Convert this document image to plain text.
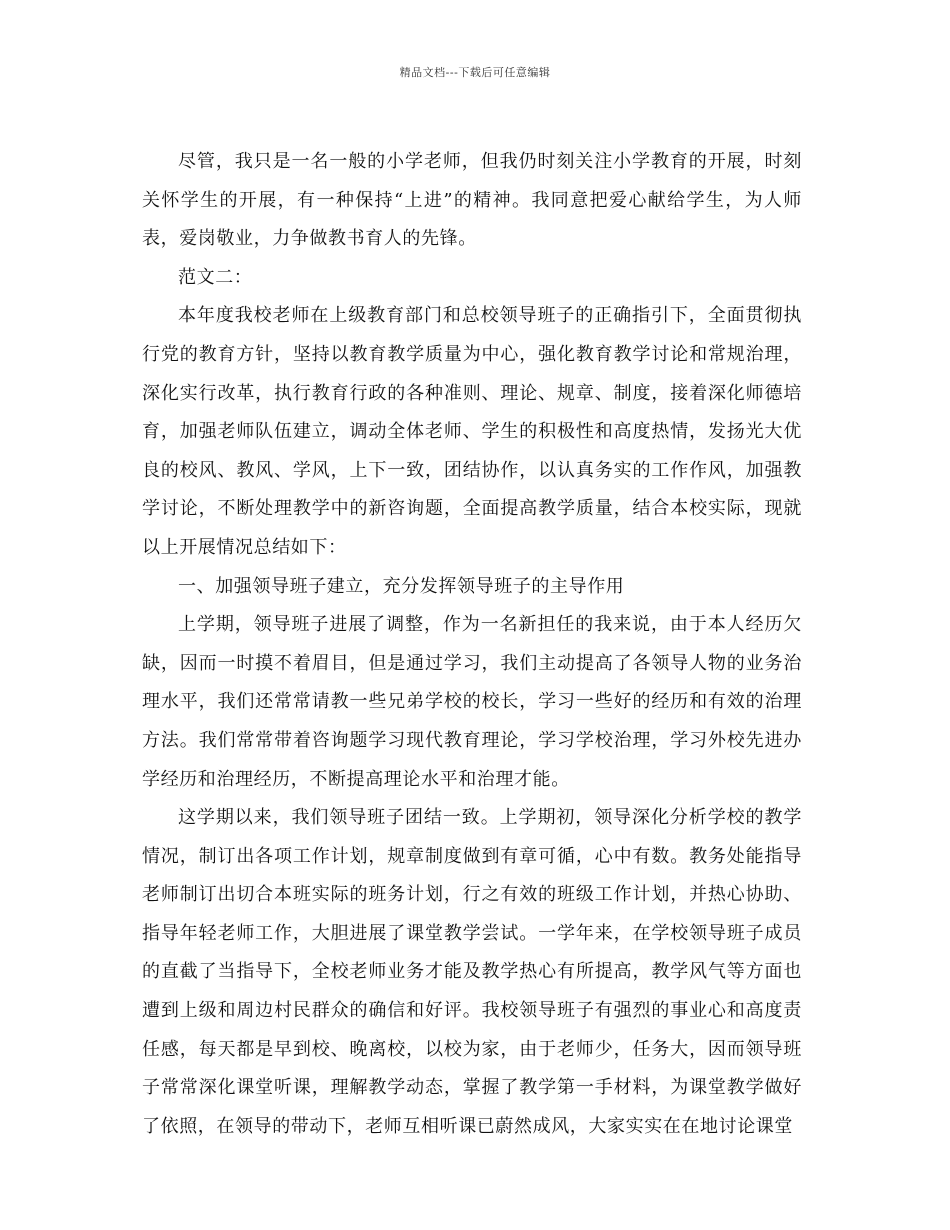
精品文档---下载后可任意编辑

尽管，我只是一名一般的小学老师，但我仍时刻关注小学教育的开展，时刻关怀学生的开展，有一种保持“上进”的精神。我同意把爱心献给学生，为人师表，爱岗敬业，力争做教书育人的先锋。

范文二：

本年度我校老师在上级教育部门和总校领导班子的正确指引下，全面贯彻执行党的教育方针，坚持以教育教学质量为中心，强化教育教学讨论和常规治理，深化实行改革，执行教育行政的各种准则、理论、规章、制度，接着深化师德培育，加强老师队伍建立，调动全体老师、学生的积极性和高度热情，发扬光大优良的校风、教风、学风，上下一致，团结协作，以认真务实的工作作风，加强教学讨论，不断处理教学中的新咨询题，全面提高教学质量，结合本校实际，现就以上开展情况总结如下：

一、加强领导班子建立，充分发挥领导班子的主导作用

上学期，领导班子进展了调整，作为一名新担任的我来说，由于本人经历欠缺，因而一时摸不着眉目，但是通过学习，我们主动提高了各领导人物的业务治理水平，我们还常常请教一些兄弟学校的校长，学习一些好的经历和有效的治理方法。我们常常带着咨询题学习现代教育理论，学习学校治理，学习外校先进办学经历和治理经历，不断提高理论水平和治理才能。

这学期以来，我们领导班子团结一致。上学期初，领导深化分析学校的教学情况，制订出各项工作计划，规章制度做到有章可循，心中有数。教务处能指导老师制订出切合本班实际的班务计划，行之有效的班级工作计划，并热心协助、指导年轻老师工作，大胆进展了课堂教学尝试。一学年来，在学校领导班子成员的直截了当指导下，全校老师业务才能及教学热心有所提高，教学风气等方面也遭到上级和周边村民群众的确信和好评。我校领导班子有强烈的事业心和高度责任感，每天都是早到校、晚离校，以校为家，由于老师少，任务大，因而领导班子常常深化课堂听课，理解教学动态，掌握了教学第一手材料，为课堂教学做好了依照，在领导的带动下，老师互相听课已蔚然成风，大家实实在在地讨论课堂
